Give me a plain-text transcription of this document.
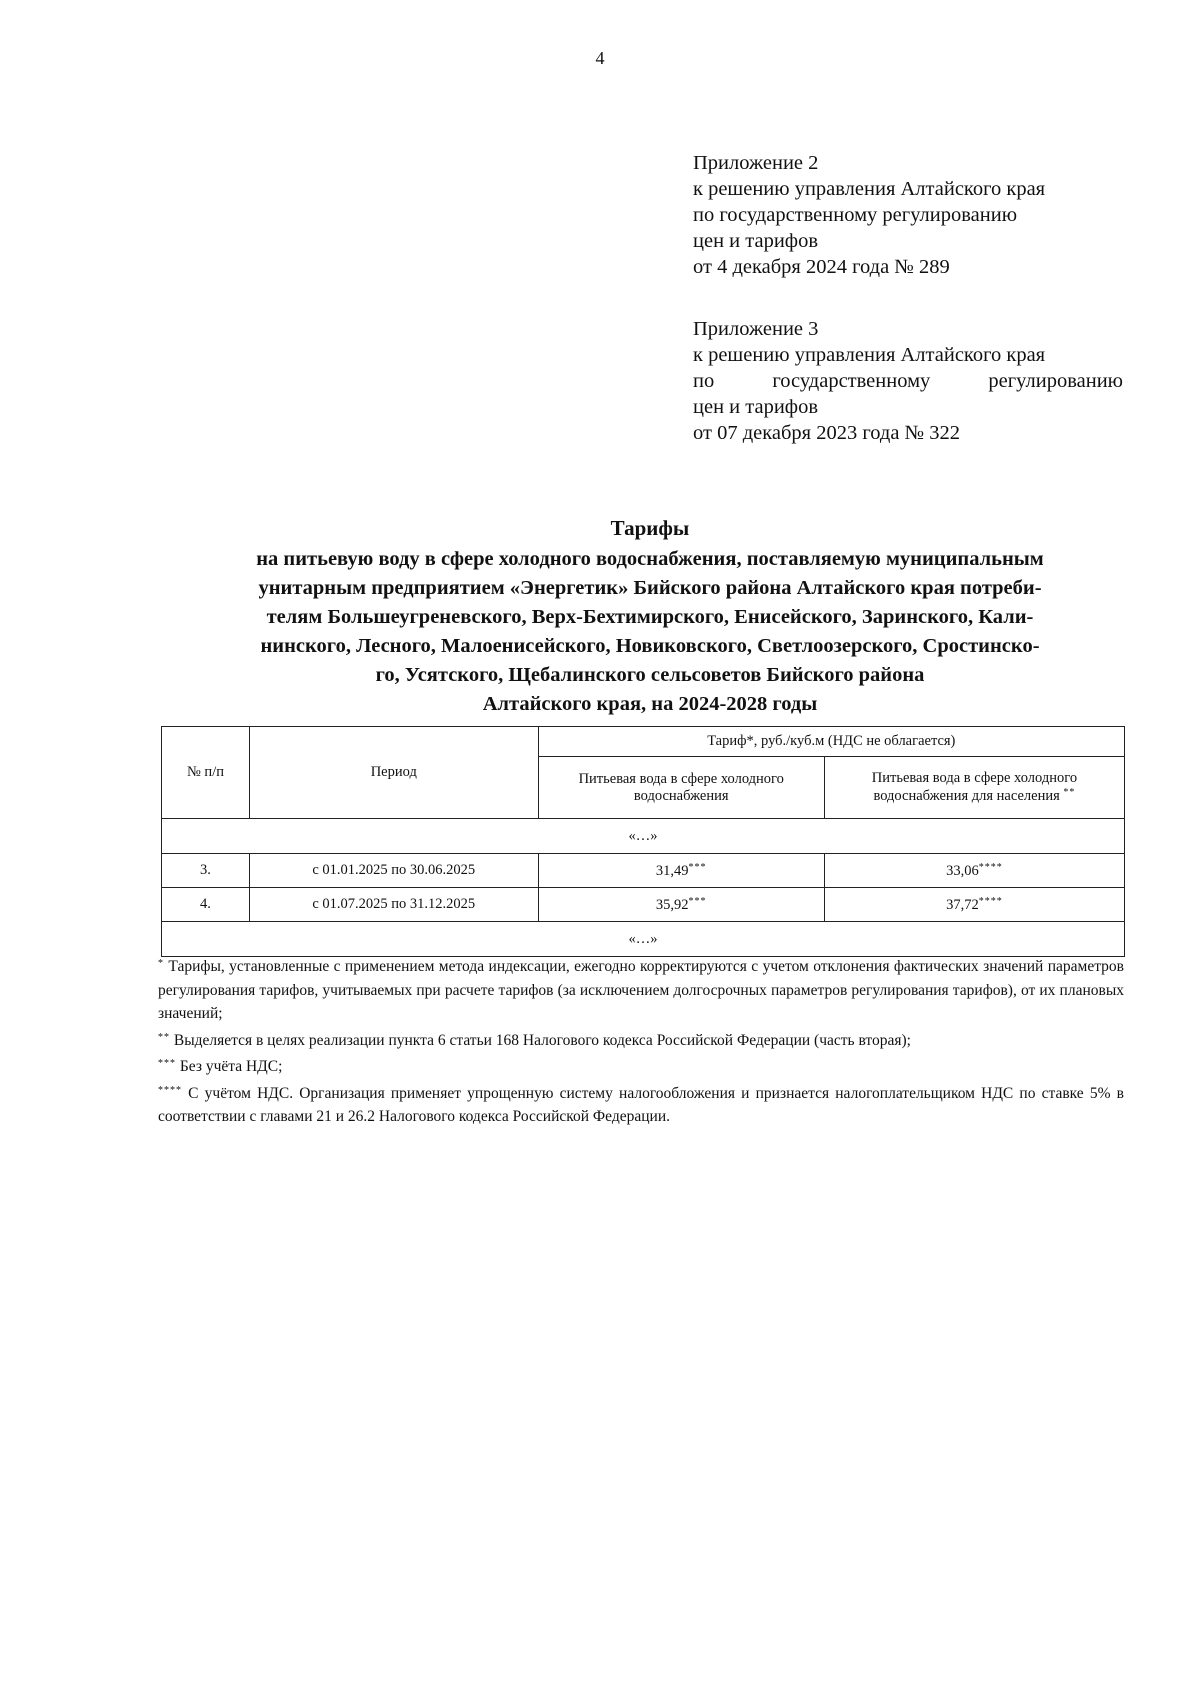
4
Приложение 2
к решению управления Алтайского края
по государственному регулированию
цен и тарифов
от 4 декабря 2024 года № 289
Приложение 3
к решению управления Алтайского края
по государственному регулированию
цен и тарифов
от 07 декабря 2023 года № 322
Тарифы
на питьевую воду в сфере холодного водоснабжения, поставляемую муниципальным
унитарным предприятием «Энергетик» Бийского района Алтайского края потреби-
телям Большеугреневского, Верх-Бехтимирского, Енисейского, Заринского, Кали-
нинского, Лесного, Малоенисейского, Новиковского, Светлоозерского, Сростинско-
го, Усятского, Щебалинского сельсоветов Бийского района
Алтайского края, на 2024-2028 годы
№ п/п	Период	Тариф*, руб./куб.м (НДС не облагается)	
		Питьевая вода в сфере холодного водоснабжения	Питьевая вода в сфере холодного водоснабжения для населения **
«…»			
3.	с 01.01.2025 по 30.06.2025	31,49***	33,06****
4.	с 01.07.2025 по 31.12.2025	35,92***	37,72****
«…»			

* Тарифы, установленные с применением метода индексации, ежегодно корректируются с учетом отклонения фактических значений параметров регулирования тарифов, учитываемых при расчете тарифов (за исключением долгосрочных параметров регулирования тарифов), от их плановых значений;

** Выделяется в целях реализации пункта 6 статьи 168 Налогового кодекса Российской Федерации (часть вторая);

*** Без учёта НДС;

**** С учётом НДС. Организация применяет упрощенную систему налогообложения и признается налогоплательщиком НДС по ставке 5% в соответствии с главами 21 и 26.2 Налогового кодекса Российской Федерации.
